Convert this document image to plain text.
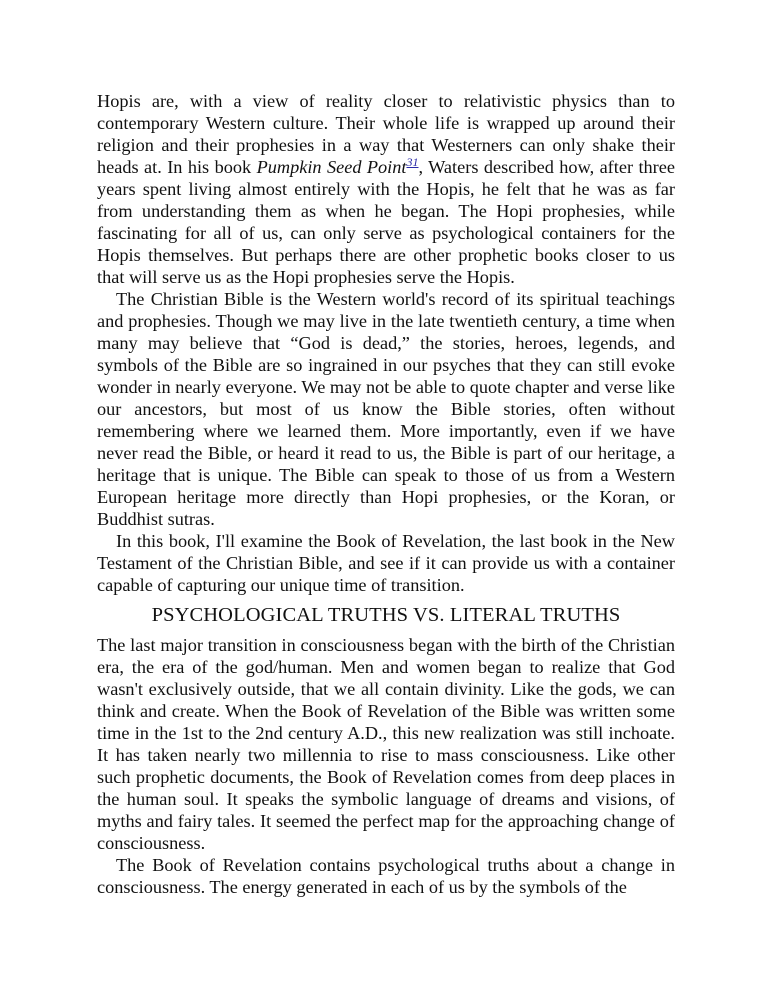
Hopis are, with a view of reality closer to relativistic physics than to contemporary Western culture. Their whole life is wrapped up around their religion and their prophesies in a way that Westerners can only shake their heads at. In his book Pumpkin Seed Point$^{31}$, Waters described how, after three years spent living almost entirely with the Hopis, he felt that he was as far from understanding them as when he began. The Hopi prophesies, while fascinating for all of us, can only serve as psychological containers for the Hopis themselves. But perhaps there are other prophetic books closer to us that will serve us as the Hopi prophesies serve the Hopis.

The Christian Bible is the Western world's record of its spiritual teachings and prophesies. Though we may live in the late twentieth century, a time when many may believe that “God is dead,” the stories, heroes, legends, and symbols of the Bible are so ingrained in our psyches that they can still evoke wonder in nearly everyone. We may not be able to quote chapter and verse like our ancestors, but most of us know the Bible stories, often without remembering where we learned them. More importantly, even if we have never read the Bible, or heard it read to us, the Bible is part of our heritage, a heritage that is unique. The Bible can speak to those of us from a Western European heritage more directly than Hopi prophesies, or the Koran, or Buddhist sutras.

In this book, I'll examine the Book of Revelation, the last book in the New Testament of the Christian Bible, and see if it can provide us with a container capable of capturing our unique time of transition.

PSYCHOLOGICAL TRUTHS VS. LITERAL TRUTHS

The last major transition in consciousness began with the birth of the Christian era, the era of the god/human. Men and women began to realize that God wasn't exclusively outside, that we all contain divinity. Like the gods, we can think and create. When the Book of Revelation of the Bible was written some time in the 1st to the 2nd century A.D., this new realization was still inchoate. It has taken nearly two millennia to rise to mass consciousness. Like other such prophetic documents, the Book of Revelation comes from deep places in the human soul. It speaks the symbolic language of dreams and visions, of myths and fairy tales. It seemed the perfect map for the approaching change of consciousness.

The Book of Revelation contains psychological truths about a change in consciousness. The energy generated in each of us by the symbols of the
